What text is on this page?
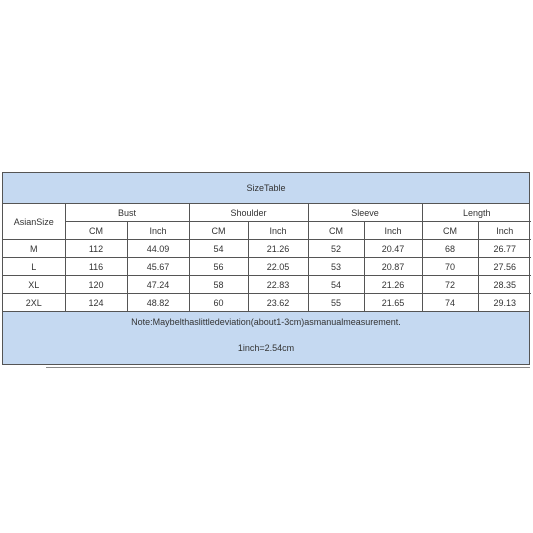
SizeTable
AsianSize	Bust		Shoulder		Sleeve		Length	
	CM	Inch	CM	Inch	CM	Inch	CM	Inch
M	112	44.09	54	21.26	52	20.47	68	26.77
L	116	45.67	56	22.05	53	20.87	70	27.56
XL	120	47.24	58	22.83	54	21.26	72	28.35
2XL	124	48.82	60	23.62	55	21.65	74	29.13
Note:Maybelthaslittledeviation(about1-3cm)asmanualmeasurement.
1inch=2.54cm
